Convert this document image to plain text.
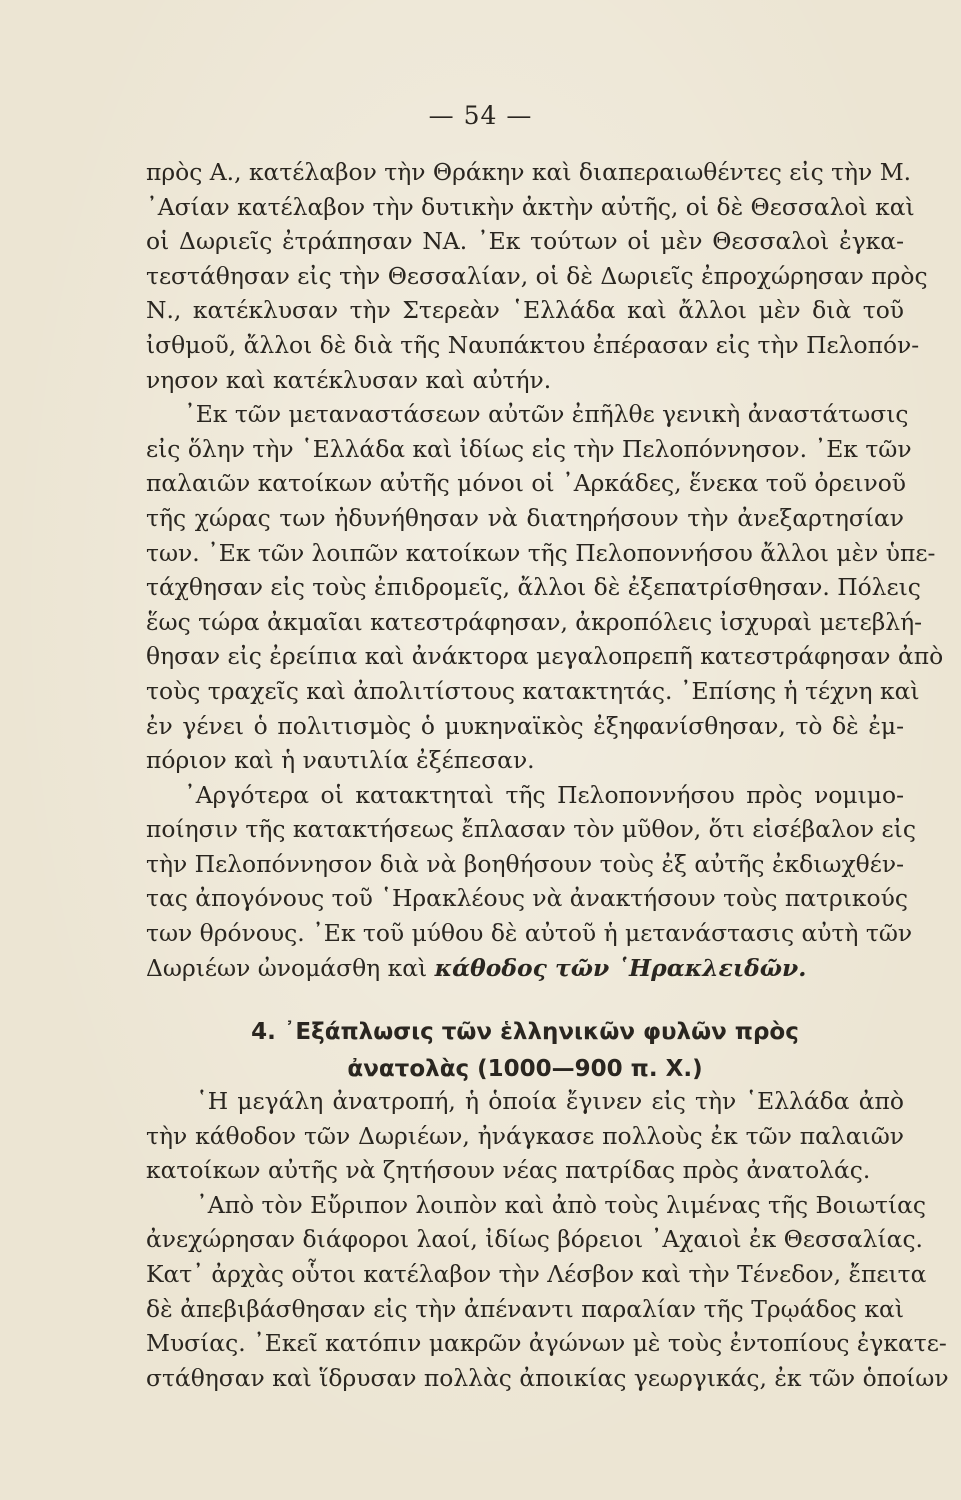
— 54 —
πρὸς Α., κατέλαβον τὴν Θράκην καὶ διαπεραιωθέντες εἰς τὴν Μ.
᾿Ασίαν κατέλαβον τὴν δυτικὴν ἀκτὴν αὐτῆς, οἱ δὲ Θεσσαλοὶ καὶ
οἱ Δωριεῖς ἐτράπησαν ΝΑ. ᾿Εκ τούτων οἱ μὲν Θεσσαλοὶ ἐγκα-
τεστάθησαν εἰς τὴν Θεσσαλίαν, οἱ δὲ Δωριεῖς ἐπροχώρησαν πρὸς
Ν., κατέκλυσαν τὴν Στερεὰν ῾Ελλάδα καὶ ἄλλοι μὲν διὰ τοῦ
ἰσθμοῦ, ἄλλοι δὲ διὰ τῆς Ναυπάκτου ἐπέρασαν εἰς τὴν Πελοπόν-
νησον καὶ κατέκλυσαν καὶ αὐτήν.
᾿Εκ τῶν μεταναστάσεων αὐτῶν ἐπῆλθε γενικὴ ἀναστάτωσις
εἰς ὅλην τὴν ῾Ελλάδα καὶ ἰδίως εἰς τὴν Πελοπόννησον. ᾿Εκ τῶν
παλαιῶν κατοίκων αὐτῆς μόνοι οἱ ᾿Αρκάδες, ἕνεκα τοῦ ὀρεινοῦ
τῆς χώρας των ἠδυνήθησαν νὰ διατηρήσουν τὴν ἀνεξαρτησίαν
των. ᾿Εκ τῶν λοιπῶν κατοίκων τῆς Πελοποννήσου ἄλλοι μὲν ὑπε-
τάχθησαν εἰς τοὺς ἐπιδρομεῖς, ἄλλοι δὲ ἐξεπατρίσθησαν. Πόλεις
ἕως τώρα ἀκμαῖαι κατεστράφησαν, ἀκροπόλεις ἰσχυραὶ μετεβλή-
θησαν εἰς ἐρείπια καὶ ἀνάκτορα μεγαλοπρεπῆ κατεστράφησαν ἀπὸ
τοὺς τραχεῖς καὶ ἀπολιτίστους κατακτητάς. ᾿Επίσης ἡ τέχνη καὶ
ἐν γένει ὁ πολιτισμὸς ὁ μυκηναϊκὸς ἐξηφανίσθησαν, τὸ δὲ ἐμ-
πόριον καὶ ἡ ναυτιλία ἐξέπεσαν.
᾿Αργότερα οἱ κατακτηταὶ τῆς Πελοποννήσου πρὸς νομιμο-
ποίησιν τῆς κατακτήσεως ἔπλασαν τὸν μῦθον, ὅτι εἰσέβαλον εἰς
τὴν Πελοπόννησον διὰ νὰ βοηθήσουν τοὺς ἐξ αὐτῆς ἐκδιωχθέν-
τας ἀπογόνους τοῦ ῾Ηρακλέους νὰ ἀνακτήσουν τοὺς πατρικούς
των θρόνους. ᾿Εκ τοῦ μύθου δὲ αὐτοῦ ἡ μετανάστασις αὐτὴ τῶν
Δωριέων ὠνομάσθη καὶ κάθοδος τῶν ῾Ηρακλειδῶν.
4. ᾿Εξάπλωσις τῶν ἑλληνικῶν φυλῶν πρὸς
ἀνατολὰς (1000—900 π. Χ.)
῾Η μεγάλη ἀνατροπή, ἡ ὁποία ἔγινεν εἰς τὴν ῾Ελλάδα ἀπὸ
τὴν κάθοδον τῶν Δωριέων, ἠνάγκασε πολλοὺς ἐκ τῶν παλαιῶν
κατοίκων αὐτῆς νὰ ζητήσουν νέας πατρίδας πρὸς ἀνατολάς.
᾿Απὸ τὸν Εὔριπον λοιπὸν καὶ ἀπὸ τοὺς λιμένας τῆς Βοιωτίας
ἀνεχώρησαν διάφοροι λαοί, ἰδίως βόρειοι ᾿Αχαιοὶ ἐκ Θεσσαλίας.
Κατ᾿ ἀρχὰς οὗτοι κατέλαβον τὴν Λέσβον καὶ τὴν Τένεδον, ἔπειτα
δὲ ἀπεβιβάσθησαν εἰς τὴν ἀπέναντι παραλίαν τῆς Τρῳάδος καὶ
Μυσίας. ᾿Εκεῖ κατόπιν μακρῶν ἀγώνων μὲ τοὺς ἐντοπίους ἐγκατε-
στάθησαν καὶ ἵδρυσαν πολλὰς ἀποικίας γεωργικάς, ἐκ τῶν ὁποίων
